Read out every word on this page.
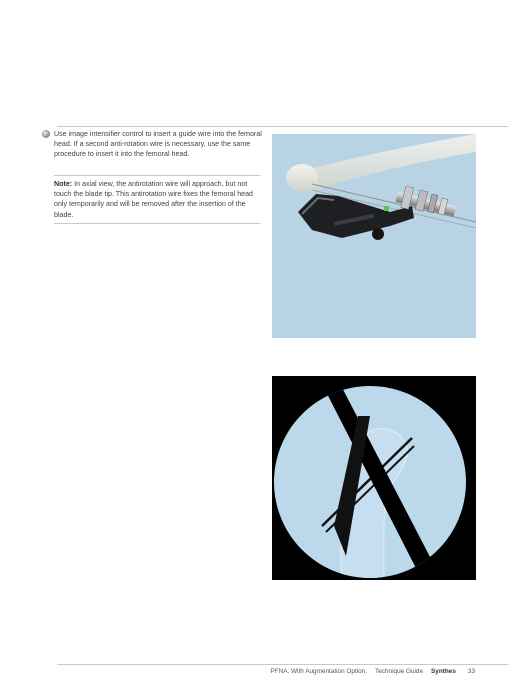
Use image intensifier control to insert a guide wire into the femoral head. If a second anti-rotation wire is necessary, use the same procedure to insert it into the femoral head.
Note: In axial view, the antirotation wire will approach, but not touch the blade tip. This antirotation wire fixes the femoral head only temporarily and will be removed after the insertion of the blade.
PFNA. With Augmentation Option. Technique Guide Synthes 33
